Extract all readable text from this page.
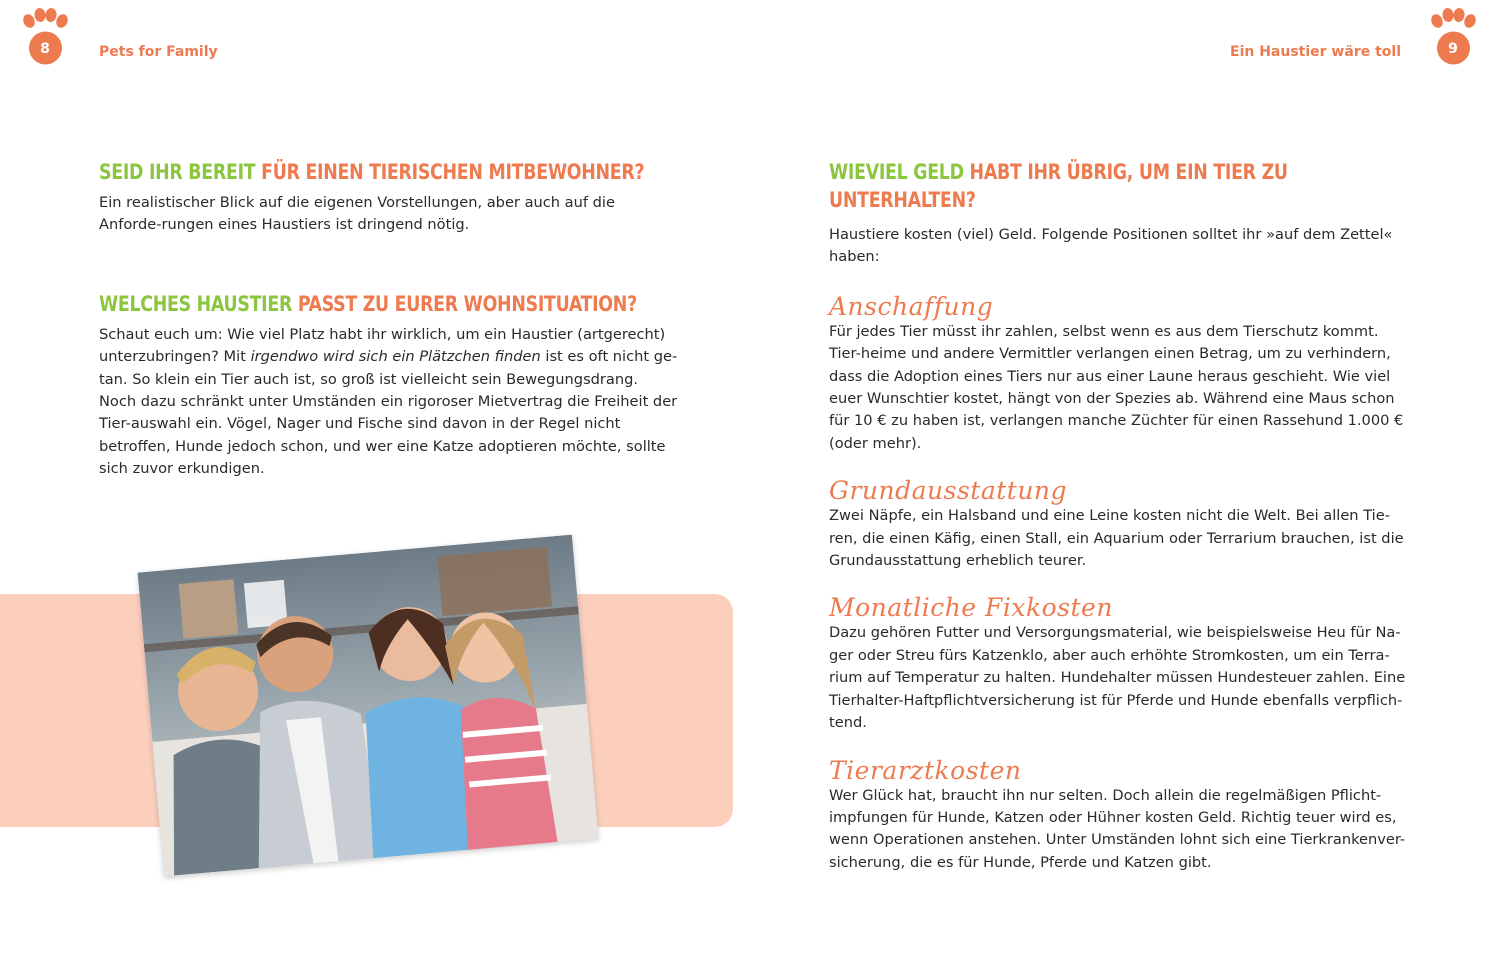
8	Pets for Family	Ein Haustier wäre toll	9
SEID IHR BEREIT FÜR EINEN TIERISCHEN MITBEWOHNER?

Ein realistischer Blick auf die eigenen Vorstellungen, aber auch auf die Anforde-rungen eines Haustiers ist dringend nötig.

WELCHES HAUSTIER PASST ZU EURER WOHNSITUATION?

Schaut euch um: Wie viel Platz habt ihr wirklich, um ein Haustier (artgerecht) unterzubringen? Mit irgendwo wird sich ein Plätzchen finden ist es oft nicht ge-tan. So klein ein Tier auch ist, so groß ist vielleicht sein Bewegungsdrang. Noch dazu schränkt unter Umständen ein rigoroser Mietvertrag die Freiheit der Tier-auswahl ein. Vögel, Nager und Fische sind davon in der Regel nicht betroffen, Hunde jedoch schon, und wer eine Katze adoptieren möchte, sollte sich zuvor erkundigen.

WIEVIEL GELD HABT IHR ÜBRIG, UM EIN TIER ZU UNTERHALTEN?

Haustiere kosten (viel) Geld. Folgende Positionen solltet ihr »auf dem Zettel« haben:

Anschaffung

Für jedes Tier müsst ihr zahlen, selbst wenn es aus dem Tierschutz kommt. Tier-heime und andere Vermittler verlangen einen Betrag, um zu verhindern, dass die Adoption eines Tiers nur aus einer Laune heraus geschieht. Wie viel euer Wunschtier kostet, hängt von der Spezies ab. Während eine Maus schon für 10 € zu haben ist, verlangen manche Züchter für einen Rassehund 1.000 € (oder mehr).

Grundausstattung

Zwei Näpfe, ein Halsband und eine Leine kosten nicht die Welt. Bei allen Tie-ren, die einen Käfig, einen Stall, ein Aquarium oder Terrarium brauchen, ist die Grundausstattung erheblich teurer.

Monatliche Fixkosten

Dazu gehören Futter und Versorgungsmaterial, wie beispielsweise Heu für Na-ger oder Streu fürs Katzenklo, aber auch erhöhte Stromkosten, um ein Terra-rium auf Temperatur zu halten. Hundehalter müssen Hundesteuer zahlen. Eine Tierhalter-Haftpflichtversicherung ist für Pferde und Hunde ebenfalls verpflich-tend.

Tierarztkosten

Wer Glück hat, braucht ihn nur selten. Doch allein die regelmäßigen Pflicht-impfungen für Hunde, Katzen oder Hühner kosten Geld. Richtig teuer wird es, wenn Operationen anstehen. Unter Umständen lohnt sich eine Tierkrankenver-sicherung, die es für Hunde, Pferde und Katzen gibt.
